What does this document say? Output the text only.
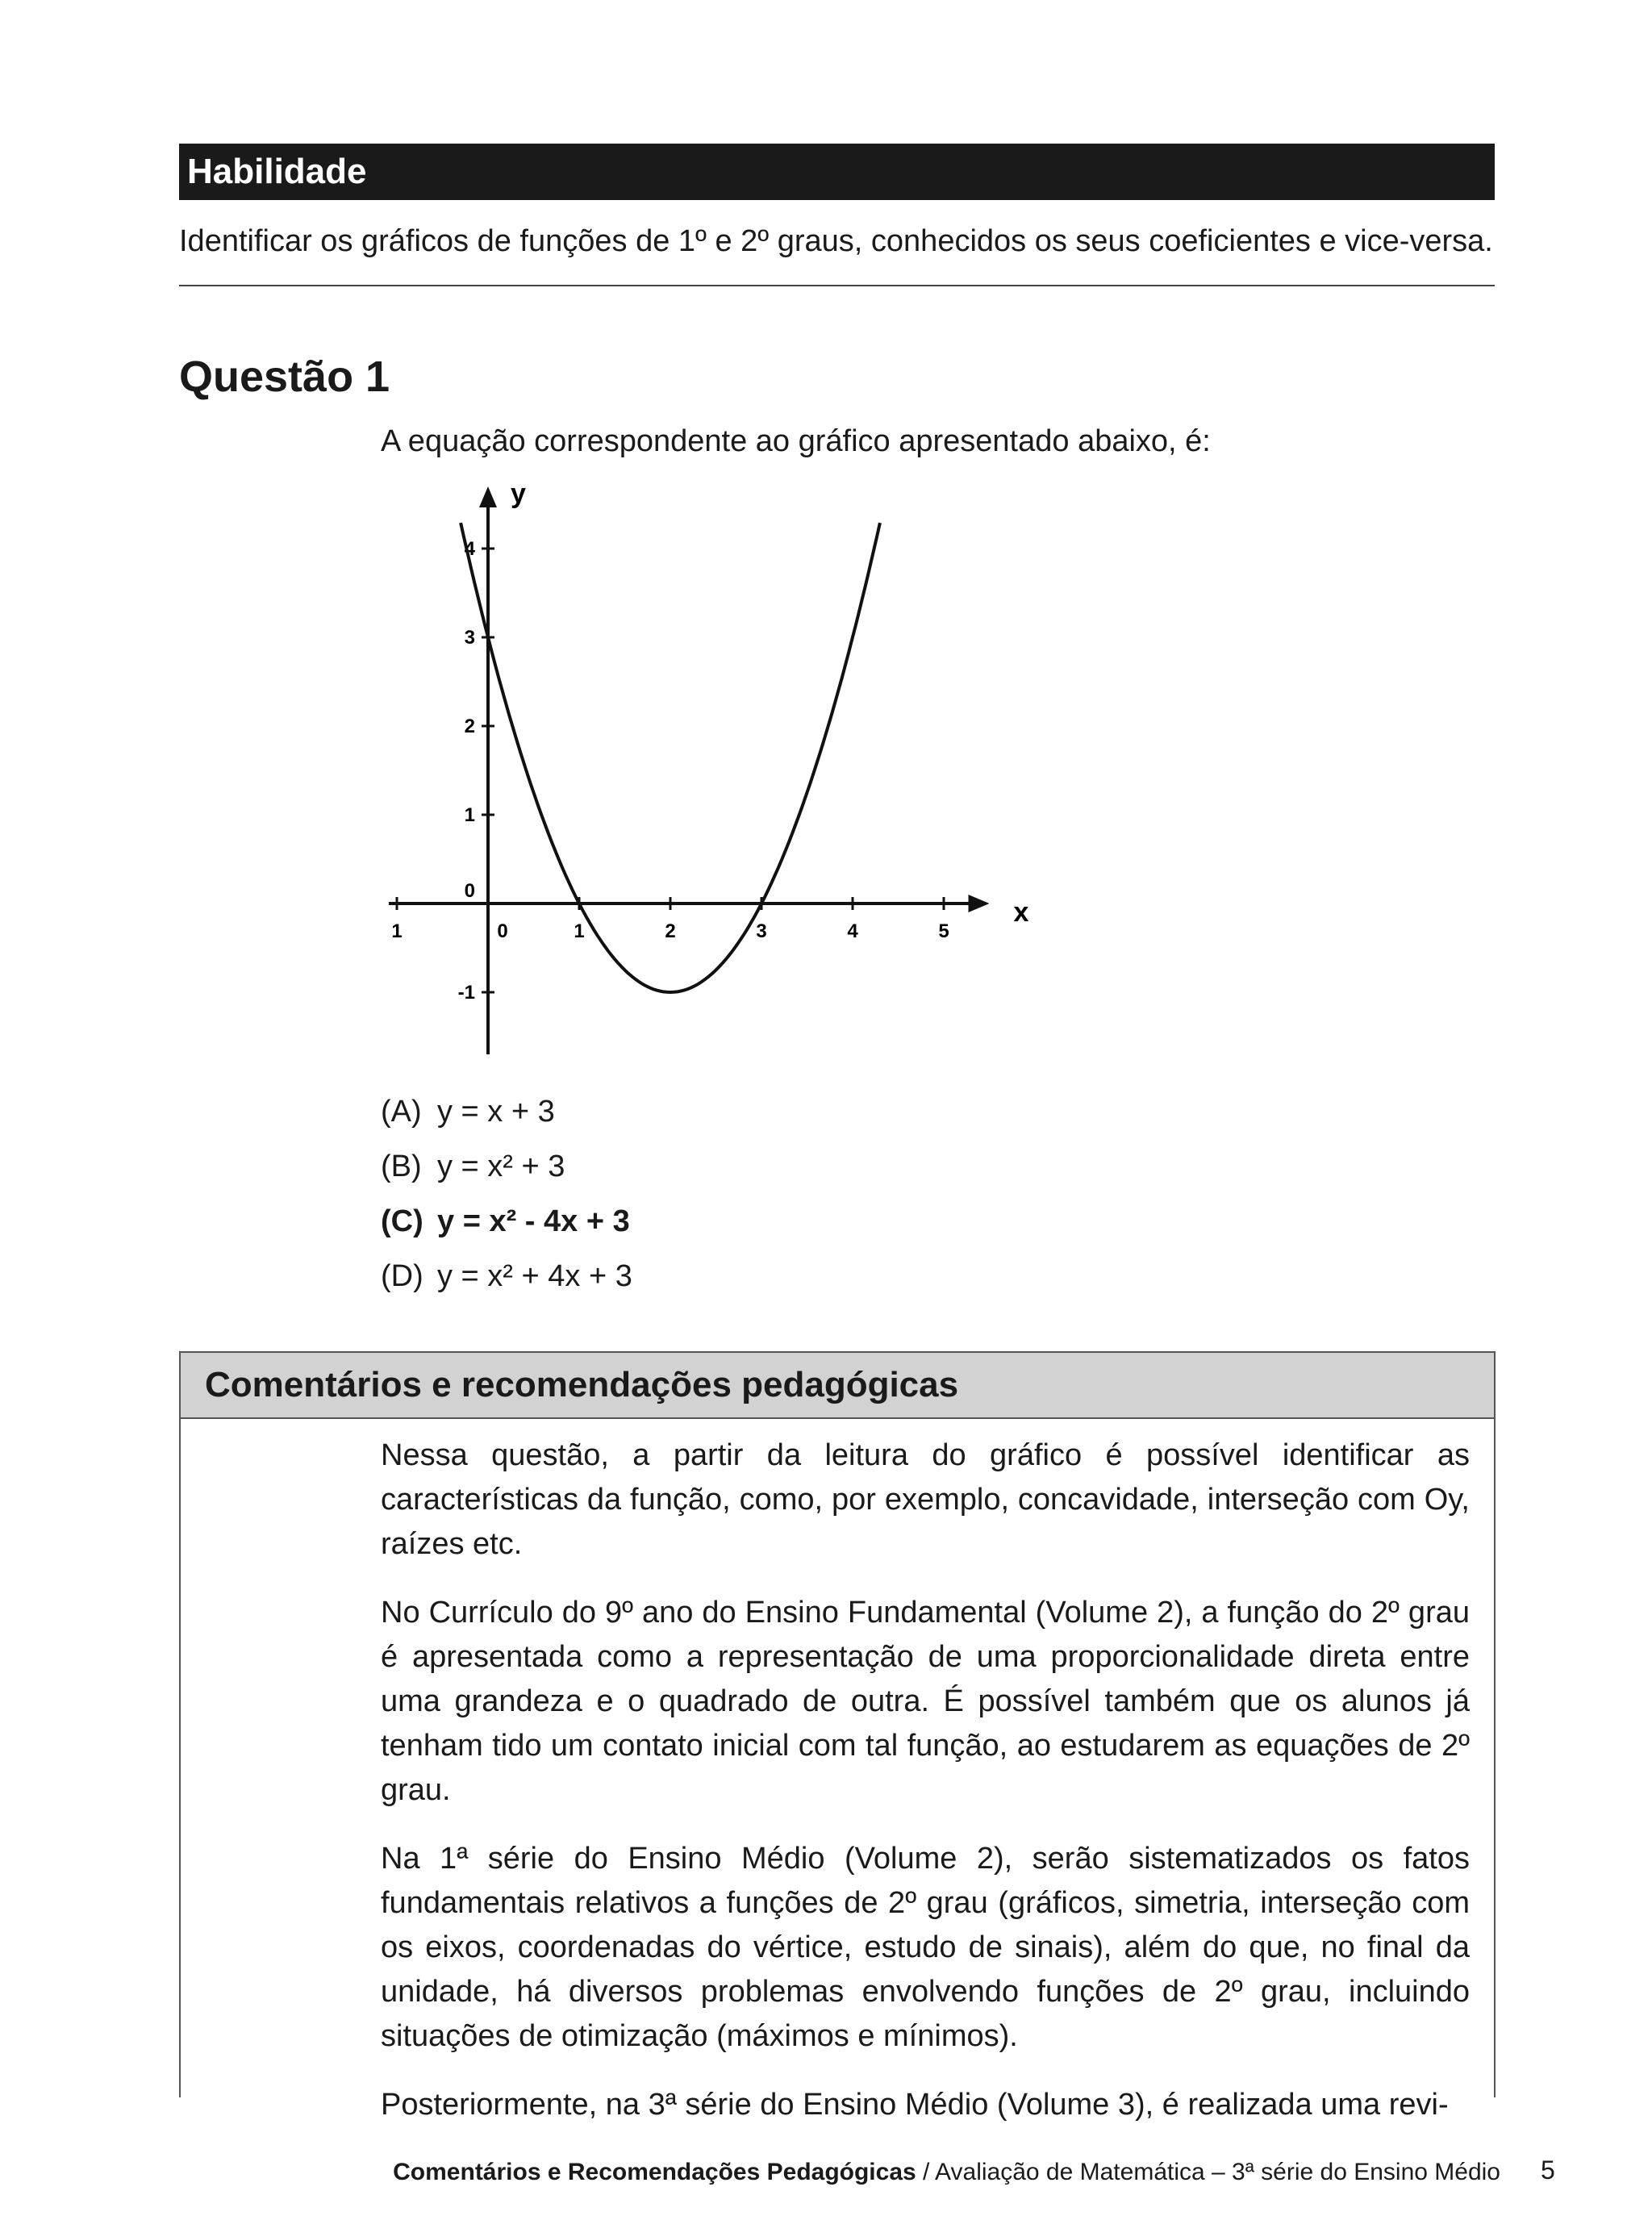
Habilidade
Identificar os gráficos de funções de 1º e 2º graus, conhecidos os seus coeficientes e vice-versa.
Questão 1
A equação correspondente ao gráfico apresentado abaixo, é:
x
y
1	0	1	2	3	4	5
-1
0
1
2
3
4
(A) y = x + 3
(B) y = x² + 3
(C) y = x² - 4x + 3
(D) y = x² + 4x + 3
Comentários e recomendações pedagógicas

Nessa questão, a partir da leitura do gráfico é possível identificar as características da função, como, por exemplo, concavidade, interseção com Oy, raízes etc.

No Currículo do 9º ano do Ensino Fundamental (Volume 2), a função do 2º grau é apresentada como a representação de uma proporcionalidade direta entre uma grandeza e o quadrado de outra. É possível também que os alunos já tenham tido um contato inicial com tal função, ao estudarem as equações de 2º grau.

Na 1ª série do Ensino Médio (Volume 2), serão sistematizados os fatos fundamentais relativos a funções de 2º grau (gráficos, simetria, interseção com os eixos, coordenadas do vértice, estudo de sinais), além do que, no final da unidade, há diversos problemas envolvendo funções de 2º grau, incluindo situações de otimização (máximos e mínimos).

Posteriormente, na 3ª série do Ensino Médio (Volume 3), é realizada uma revi-

Comentários e Recomendações Pedagógicas / Avaliação de Matemática – 3ª série do Ensino Médio 5
